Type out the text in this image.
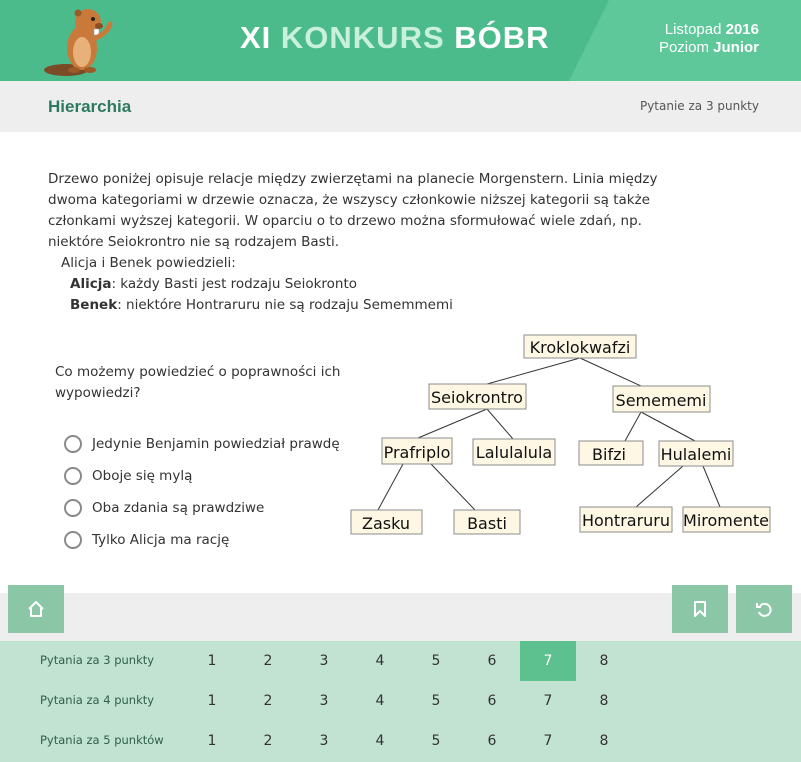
XI KONKURS BÓBR	Listopad 2016
Poziom Junior
Hierarchia	Pytanie za 3 punkty

Drzewo poniżej opisuje relacje między zwierzętami na planecie Morgenstern. Linia między

dwoma kategoriami w drzewie oznacza, że wszyscy członkowie niższej kategorii są także

członkami wyższej kategorii. W oparciu o to drzewo można sformułować wiele zdań, np.

niektóre Seiokrontro nie są rodzajem Basti.

Alicja i Benek powiedzieli:

Alicja: każdy Basti jest rodzaju Seiokronto

Benek: niektóre Hontraruru nie są rodzaju Sememmemi

Co możemy powiedzieć o poprawności ich wypowiedzi?
Jedynie Benjamin powiedział prawdę
Oboje się mylą
Oba zdania są prawdziwe
Tylko Alicja ma rację
Kroklokwafzi
Seiokrontro	Semememi
Prafriplo Lalulalula Bifzi Hulalemi
Zasku	Basti	Hontraruru Miromente
Pytania za 3 punkty	1	2	3	4	5	6	7	8
Pytania za 4 punkty	1	2	3	4	5	6	7	8
Pytania za 5 punktów	1	2	3	4	5	6	7	8
